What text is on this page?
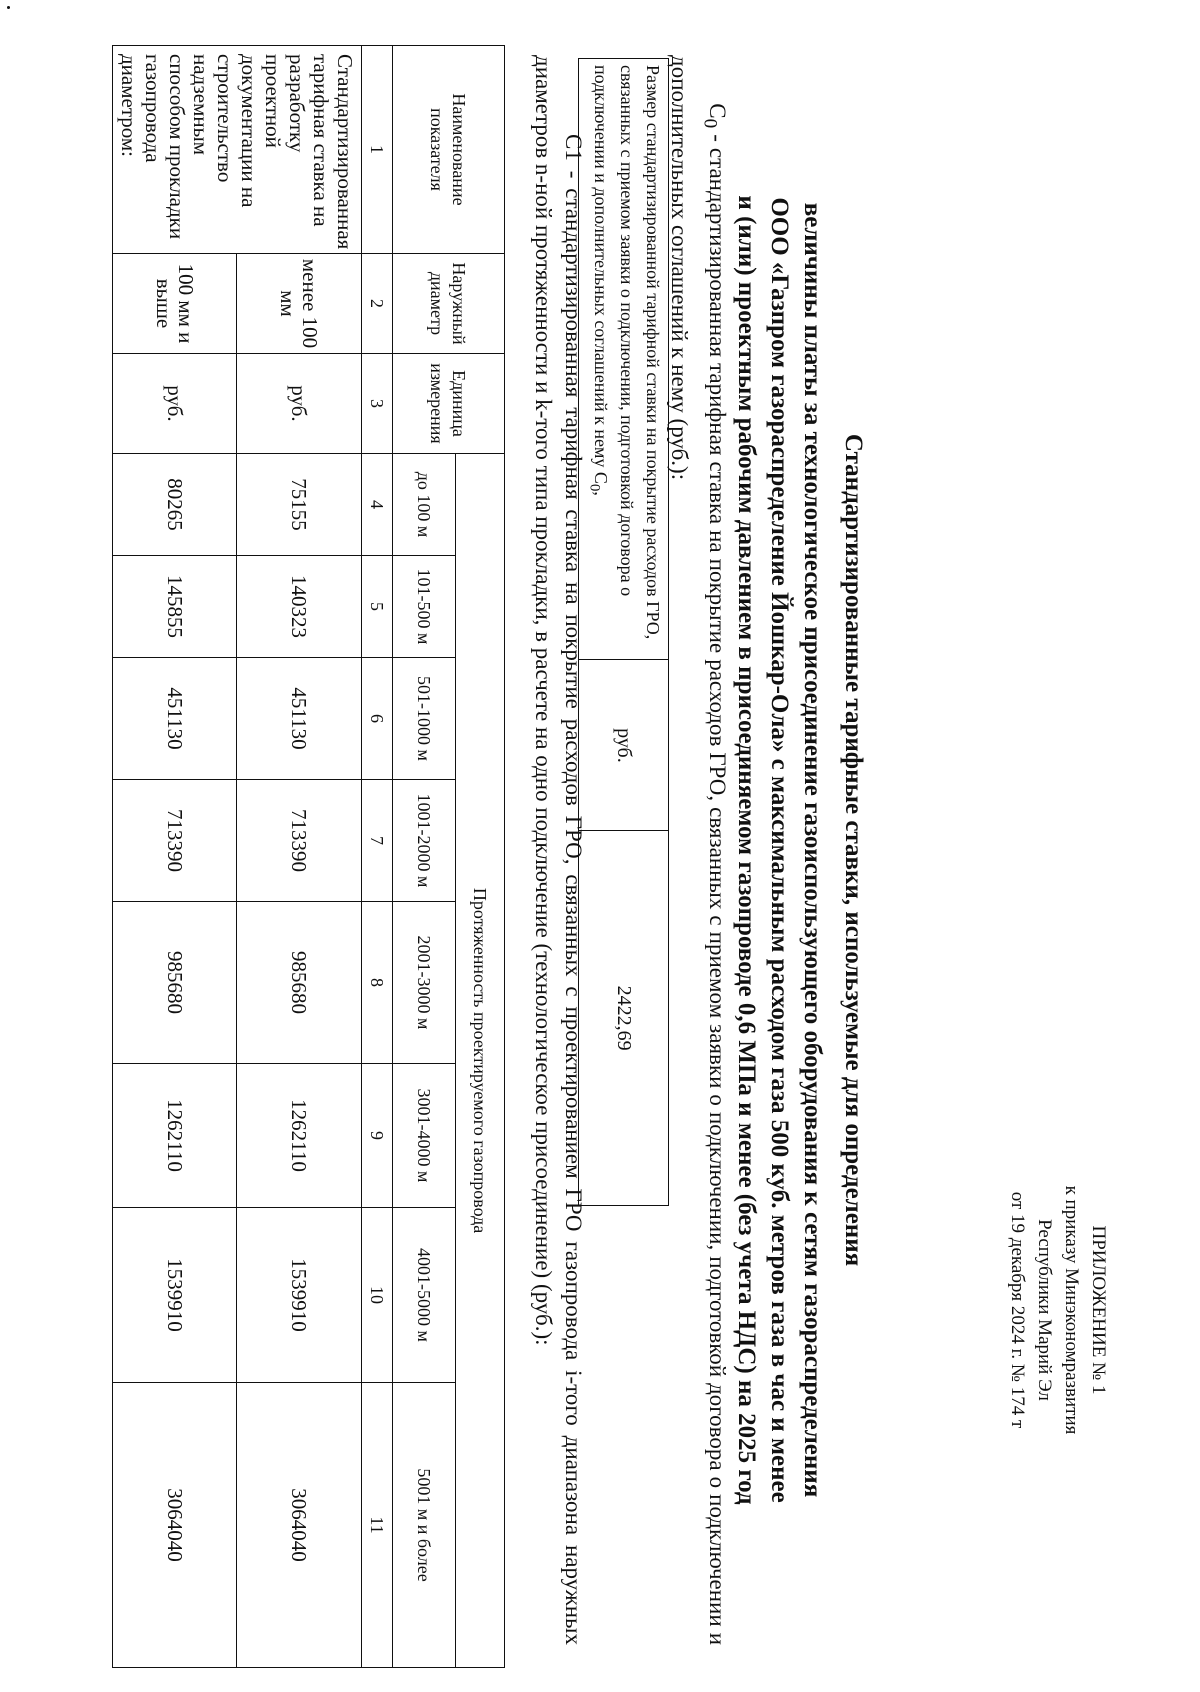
ПРИЛОЖЕНИЕ № 1
к приказу Минэкономразвития
Республики Марий Эл
от 19 декабря 2024 г. № 174 т
Стандартизированные тарифные ставки, используемые для определения
величины платы за технологическое присоединение газоиспользующего оборудования к сетям газораспределения
ООО «Газпром газораспределение Йошкар-Ола» с максимальным расходом газа 500 куб. метров газа в час и менее
и (или) проектным рабочим давлением в присоединяемом газопроводе 0,6 МПа и менее (без учета НДС) на 2025 год
$C_0$ - стандартизированная тарифная ставка на покрытие расходов ГРО, связанных с приемом заявки о подключении, подготовкой договора о подключении и дополнительных соглашений к нему (руб.):
Размер стандартизированной тарифной ставки на покрытие расходов ГРО, связанных с приемом заявки о подключении, подготовкой договора о подключении и дополнительных соглашений к нему $C_0$,	руб.	2422,69
C1 - стандартизированная тарифная ставка на покрытие расходов ГРО, связанных с проектированием ГРО газопровода i-того диапазона наружных диаметров n-ной протяженности и k-того типа прокладки, в расчете на одно подключение (технологическое присоединение) (руб.):
Наименование показателя	Наружный диаметр	Единица измерения	Протяженность проектируемого газопровода							
			до 100 м	101-500 м	501-1000 м	1001-2000 м	2001-3000 м	3001-4000 м	4001-5000 м	5001 м и более
1	2	3	4	5	6	7	8	9	10	11
Стандартизированная тарифная ставка на разработку проектной документации на строительство надземным способом прокладки газопровода диаметром:	менее 100 мм	руб.	75155	140323	451130	713390	985680	1262110	1539910	3064040
	100 мм и выше	руб.	80265	145855	451130	713390	985680	1262110	1539910	3064040
